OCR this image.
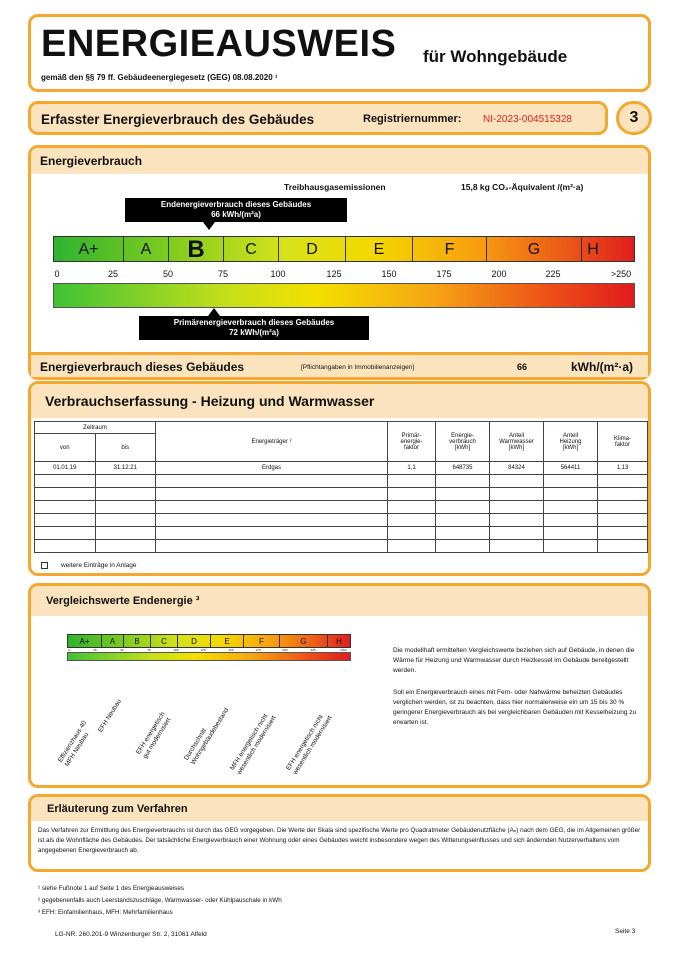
ENERGIEAUSWEIS für Wohngebäude
gemäß den §§ 79 ff. Gebäudeenergiegesetz (GEG) 08.08.2020 ¹
Erfasster Energieverbrauch des Gebäudes	Registriernummer: NI-2023-004515328	3
Energieverbrauch
Treibhausgasemissionen	15,8 kg CO₂-Äquivalent /(m²·a)
Endenergieverbrauch dieses Gebäudes
66 kWh/(m²a)
A+	A	B	C	D	E	F	G	H
0	25	50	75	100	125	150	175	200	225	>250
Primärenergieverbrauch dieses Gebäudes
72 kWh/(m²a)
Energieverbrauch dieses Gebäudes	[Pflichtangaben in Immobilienanzeigen]	66	kWh/(m²·a)
Verbrauchserfassung - Heizung und Warmwasser
Zeitraum		Energieträger ²	Primär-
energie-
faktor	Energie-
verbrauch
[kWh]	Anteil
Warmwasser
[kWh]	Anteil
Heizung
[kWh]	Klima-
faktor
von	bis						
01.01.19	31.12.21	Erdgas	1,1	648735	84324	564411	1,13

weitere Einträge in Anlage
Vergleichswerte Endenergie ³
A+	A	B	C	D	E	F	G	H
0	25	50	75	100	125	150	175	200	225	>250
Effizienzhaus 40
MFH Neubau
EFH Neubau EFH energetisch
gut modernisiert Durchschnitt
Wohngebäudebestand
MFH energetisch nicht
wesentlich modernisiert EFH energetisch nicht
wesentlich modernisiert
Die modellhaft ermittelten Vergleichswerte beziehen sich auf Gebäude, in denen die Wärme für Heizung und Warmwasser durch Heizkessel im Gebäude bereitgestellt werden.
Soll ein Energieverbrauch eines mit Fern- oder Nahwärme beheizten Gebäudes verglichen werden, ist zu beachten, dass hier normalerweise ein um 15 bis 30 % geringerer Energieverbrauch als bei vergleichbaren Gebäuden mit Kesselheizung zu erwarten ist.
Erläuterung zum Verfahren
Das Verfahren zur Ermittlung des Energieverbrauchs ist durch das GEG vorgegeben. Die Werte der Skala sind spezifische Werte pro Quadratmeter Gebäudenutzfläche (Aₙ) nach dem GEG, die im Allgemeinen größer ist als die Wohnfläche des Gebäudes. Der tatsächliche Energieverbrauch einer Wohnung oder eines Gebäudes weicht insbesondere wegen des Witterungseinflusses und sich ändernden Nutzerverhaltens vom angegebenen Energieverbrauch ab.
¹ siehe Fußnote 1 auf Seite 1 des Energieausweises
² gegebenenfalls auch Leerstandszuschläge, Warmwasser- oder Kühlpauschale in kWh
³ EFH: Einfamilienhaus, MFH: Mehrfamilienhaus
LG-NR. 260.201-9 Winzenburger Str. 2, 31061 Alfeld	Seite 3
